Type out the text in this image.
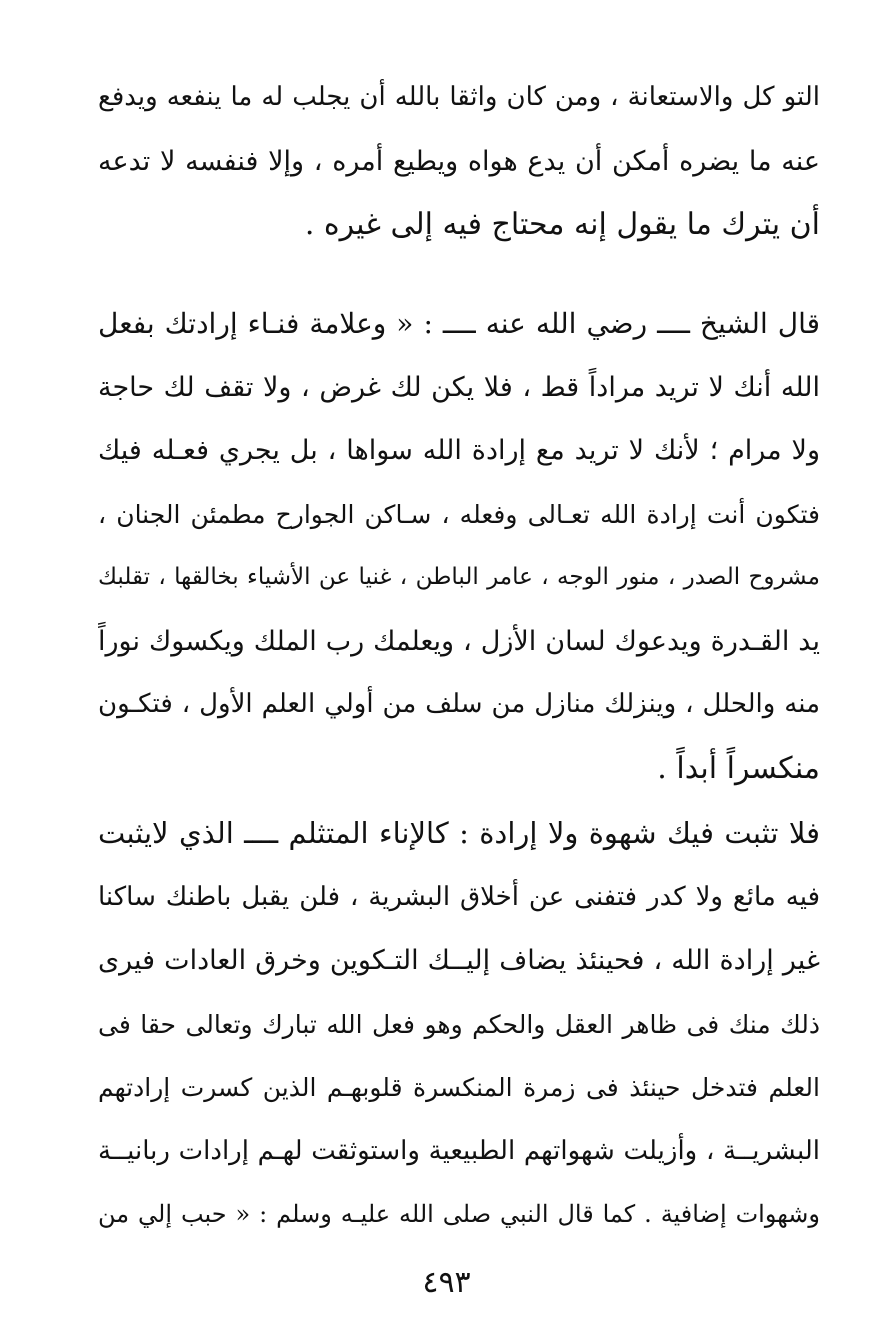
التو كل والاستعانة ، ومن كان واثقا بالله أن يجلب له ما ينفعه ويدفع
عنه ما يضره أمكن أن يدع هواه ويطيع أمره ، وإلا فنفسه لا تدعه
أن يترك ما يقول إنه محتاج فيه إلى غيره .
قال الشيخ ــــ رضي الله عنه ــــ : « وعلامة فنـاء إرادتك بفعل
الله أنك لا تريد مراداً قط ، فلا يكن لك غرض ، ولا تقف لك حاجة
ولا مرام ؛ لأنك لا تريد مع إرادة الله سواها ، بل يجري فعـله فيك
فتكون أنت إرادة الله تعـالى وفعله ، سـاكن الجوارح مطمئن الجنان ،
مشروح الصدر ، منور الوجه ، عامر الباطن ، غنيا عن الأشياء بخالقها ، تقلبك
يد القـدرة ويدعوك لسان الأزل ، ويعلمك رب الملك ويكسوك نوراً
منه والحلل ، وينزلك منازل من سلف من أولي العلم الأول ، فتكـون
منكسراً أبداً .
فلا تثبت فيك شهوة ولا إرادة : كالإناء المتثلم ــــ الذي لايثبت
فيه مائع ولا كدر فتفنى عن أخلاق البشرية ، فلن يقبل باطنك ساكنا
غير إرادة الله ، فحينئذ يضاف إليــك التـكوين وخرق العادات فيرى
ذلك منك فى ظاهر العقل والحكم وهو فعل الله تبارك وتعالى حقا فى
العلم فتدخل حينئذ فى زمرة المنكسرة قلوبهـم الذين كسرت إرادتهم
البشريــة ، وأزيلت شهواتهم الطبيعية واستوثقت لهـم إرادات ربانيــة
وشهوات إضافية . كما قال النبي صلى الله عليـه وسلم : « حبب إلي من
٤٩٣
